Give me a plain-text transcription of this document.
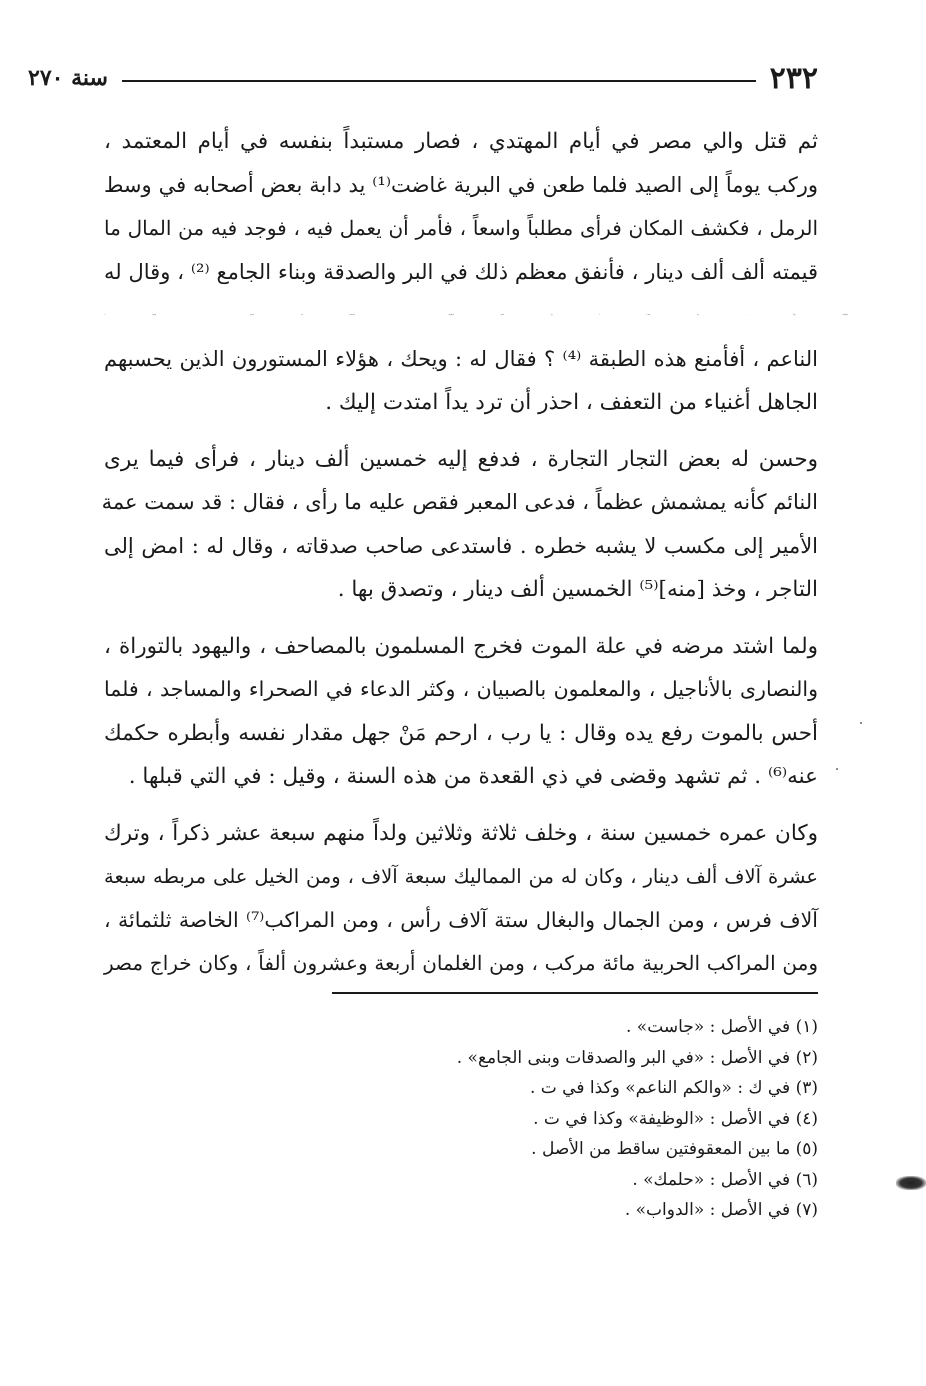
سنة ٢٧٠	٢٣٢
ثم قتل والي مصر في أيام المهتدي ، فصار مستبداً بنفسه في أيام المعتمد ،
وركب يوماً إلى الصيد فلما طعن في البرية غاضت⁽¹⁾ يد دابة بعض أصحابه في وسط
الرمل ، فكشف المكان فرأى مطلباً واسعاً ، فأمر أن يعمل فيه ، فوجد فيه من المال ما
قيمته ألف ألف دينار ، فأنفق معظم ذلك في البر والصدقة وبناء الجامع ⁽²⁾ ، وقال له
٨٤/أوكيله يوماً : ربما امتدت / إلى الكف المطوقة ، والمعصم فيه السوار ، والكف ⁽³⁾
الناعم ، أفأمنع هذه الطبقة ⁽⁴⁾ ؟ فقال له : ويحك ، هؤلاء المستورون الذين يحسبهم
الجاهل أغنياء من التعفف ، احذر أن ترد يداً امتدت إليك .
وحسن له بعض التجار التجارة ، فدفع إليه خمسين ألف دينار ، فرأى فيما يرى
النائم كأنه يمشمش عظماً ، فدعى المعبر فقص عليه ما رأى ، فقال : قد سمت عمة
الأمير إلى مكسب لا يشبه خطره . فاستدعى صاحب صدقاته ، وقال له : امض إلى
التاجر ، وخذ [منه]⁽⁵⁾ الخمسين ألف دينار ، وتصدق بها .
ولما اشتد مرضه في علة الموت فخرج المسلمون بالمصاحف ، واليهود بالتوراة ،
والنصارى بالأناجيل ، والمعلمون بالصبيان ، وكثر الدعاء في الصحراء والمساجد ، فلما
أحس بالموت رفع يده وقال : يا رب ، ارحم مَنْ جهل مقدار نفسه وأبطره حكمك
عنه⁽⁶⁾ . ثم تشهد وقضى في ذي القعدة من هذه السنة ، وقيل : في التي قبلها .
وكان عمره خمسين سنة ، وخلف ثلاثة وثلاثين ولداً منهم سبعة عشر ذكراً ، وترك
عشرة آلاف ألف دينار ، وكان له من المماليك سبعة آلاف ، ومن الخيل على مربطه سبعة
آلاف فرس ، ومن الجمال والبغال ستة آلاف رأس ، ومن المراكب⁽⁷⁾ الخاصة ثلثمائة ،
ومن المراكب الحربية مائة مركب ، ومن الغلمان أربعة وعشرون ألفاً ، وكان خراج مصر
(١) في الأصل : «جاست» .
(٢) في الأصل : «في البر والصدقات وبنى الجامع» .
(٣) في ك : «والكم الناعم» وكذا في ت .
(٤) في الأصل : «الوظيفة» وكذا في ت .
(٥) ما بين المعقوفتين ساقط من الأصل .
(٦) في الأصل : «حلمك» .
(٧) في الأصل : «الدواب» .
